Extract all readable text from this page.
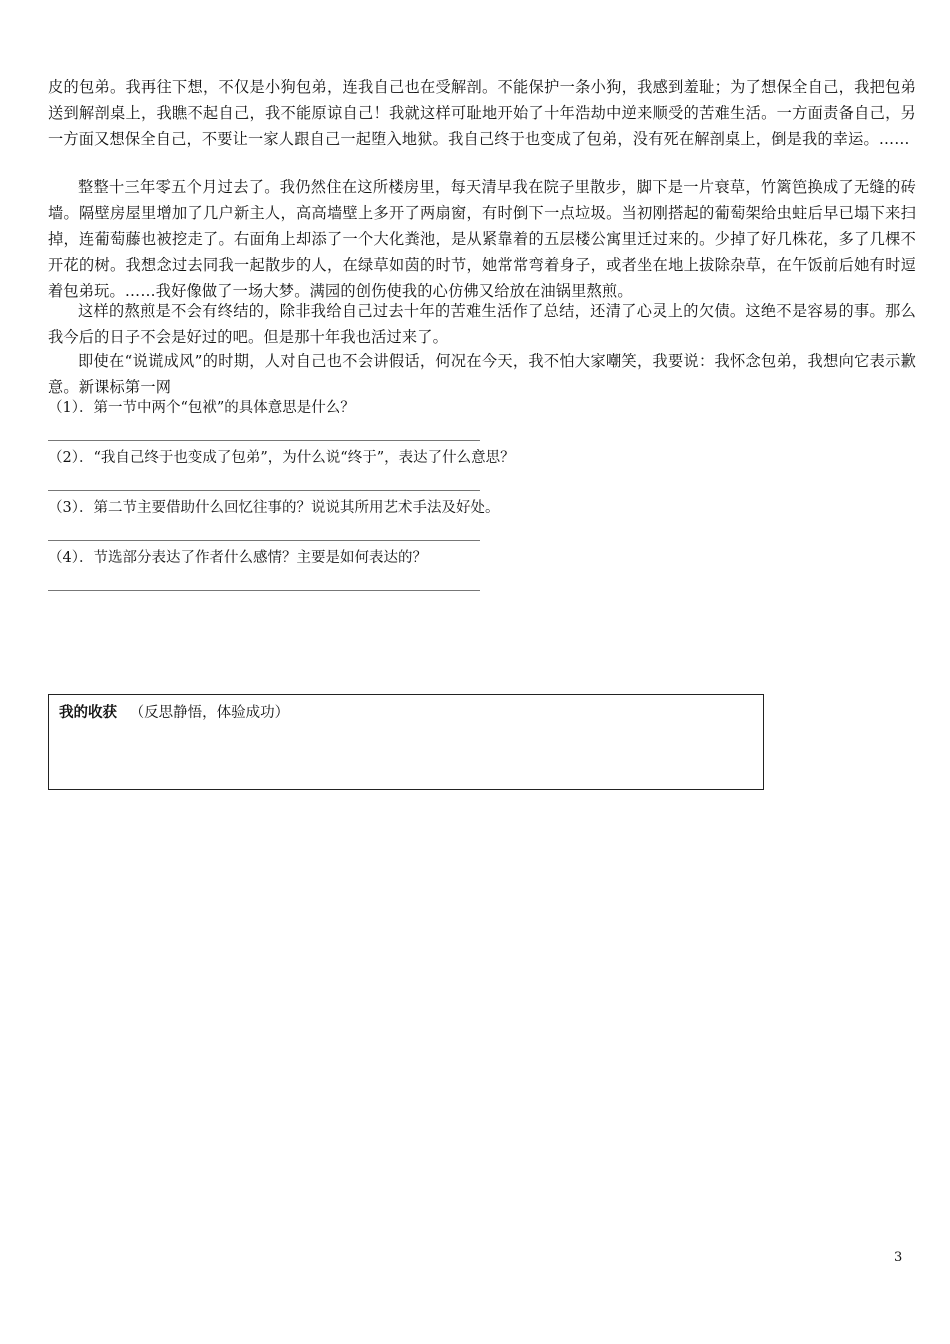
皮的包弟。我再往下想，不仅是小狗包弟，连我自己也在受解剖。不能保护一条小狗，我感到羞耻；为了想保全自己，我把包弟送到解剖桌上，我瞧不起自己，我不能原谅自己！我就这样可耻地开始了十年浩劫中逆来顺受的苦难生活。一方面责备自己，另一方面又想保全自己，不要让一家人跟自己一起堕入地狱。我自己终于也变成了包弟，没有死在解剖桌上，倒是我的幸运。……

整整十三年零五个月过去了。我仍然住在这所楼房里，每天清早我在院子里散步，脚下是一片衰草，竹篱笆换成了无缝的砖墙。隔壁房屋里增加了几户新主人，高高墙壁上多开了两扇窗，有时倒下一点垃圾。当初刚搭起的葡萄架给虫蛀后早已塌下来扫掉，连葡萄藤也被挖走了。右面角上却添了一个大化粪池，是从紧靠着的五层楼公寓里迁过来的。少掉了好几株花，多了几棵不开花的树。我想念过去同我一起散步的人，在绿草如茵的时节，她常常弯着身子，或者坐在地上拔除杂草，在午饭前后她有时逗着包弟玩。……我好像做了一场大梦。满园的创伤使我的心仿佛又给放在油锅里熬煎。

这样的熬煎是不会有终结的，除非我给自己过去十年的苦难生活作了总结，还清了心灵上的欠债。这绝不是容易的事。那么我今后的日子不会是好过的吧。但是那十年我也活过来了。

即使在“说谎成风”的时期，人对自己也不会讲假话，何况在今天，我不怕大家嘲笑，我要说：我怀念包弟，我想向它表示歉意。新课标第一网

（1）．第一节中两个“包袱”的具体意思是什么？

（2）．“我自己终于也变成了包弟”，为什么说“终于”，表达了什么意思？

（3）．第二节主要借助什么回忆往事的？说说其所用艺术手法及好处。

（4）．节选部分表达了作者什么感情？主要是如何表达的？

我的收获 （反思静悟，体验成功）
3
